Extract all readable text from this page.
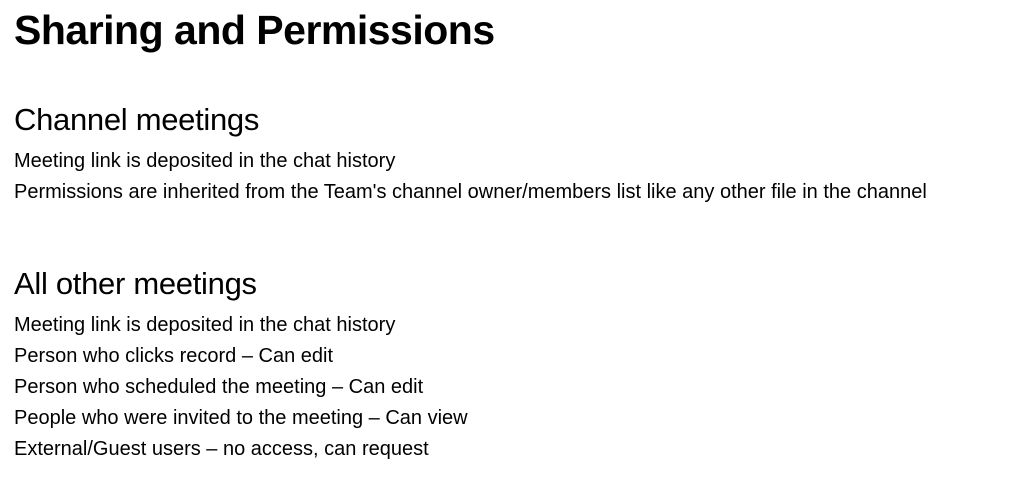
Sharing and Permissions
Channel meetings

Meeting link is deposited in the chat history

Permissions are inherited from the Team's channel owner/members list like any other file in the channel

All other meetings

Meeting link is deposited in the chat history

Person who clicks record – Can edit

Person who scheduled the meeting – Can edit

People who were invited to the meeting – Can view

External/Guest users – no access, can request
